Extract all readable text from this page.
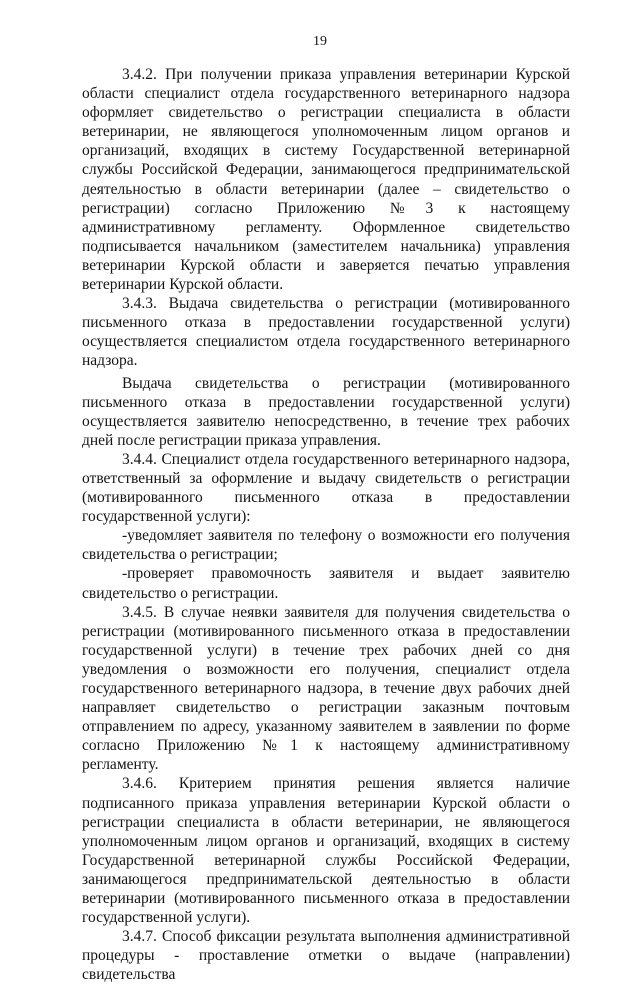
19

3.4.2. При получении приказа управления ветеринарии Курской области специалист отдела государственного ветеринарного надзора оформляет свидетельство о регистрации специалиста в области ветеринарии, не являющегося уполномоченным лицом органов и организаций, входящих в систему Государственной ветеринарной службы Российской Федерации, занимающегося предпринимательской деятельностью в области ветеринарии (далее – свидетельство о регистрации) согласно Приложению №3 к настоящему административному регламенту. Оформленное свидетельство подписывается начальником (заместителем начальника) управления ветеринарии Курской области и заверяется печатью управления ветеринарии Курской области.

3.4.3. Выдача свидетельства о регистрации (мотивированного письменного отказа в предоставлении государственной услуги) осуществляется специалистом отдела государственного ветеринарного надзора.

Выдача свидетельства о регистрации (мотивированного письменного отказа в предоставлении государственной услуги) осуществляется заявителю непосредственно, в течение трех рабочих дней после регистрации приказа управления.

3.4.4. Специалист отдела государственного ветеринарного надзора, ответственный за оформление и выдачу свидетельств о регистрации (мотивированного письменного отказа в предоставлении государственной услуги):

-уведомляет заявителя по телефону о возможности его получения свидетельства о регистрации;

-проверяет правомочность заявителя и выдает заявителю свидетельство о регистрации.

3.4.5. В случае неявки заявителя для получения свидетельства о регистрации (мотивированного письменного отказа в предоставлении государственной услуги) в течение трех рабочих дней со дня уведомления о возможности его получения, специалист отдела государственного ветеринарного надзора, в течение двух рабочих дней направляет свидетельство о регистрации заказным почтовым отправлением по адресу, указанному заявителем в заявлении по форме согласно Приложению №1 к настоящему административному регламенту.

3.4.6. Критерием принятия решения является наличие подписанного приказа управления ветеринарии Курской области о регистрации специалиста в области ветеринарии, не являющегося уполномоченным лицом органов и организаций, входящих в систему Государственной ветеринарной службы Российской Федерации, занимающегося предпринимательской деятельностью в области ветеринарии (мотивированного письменного отказа в предоставлении государственной услуги).

3.4.7. Способ фиксации результата выполнения административной процедуры - проставление отметки о выдаче (направлении) свидетельства
